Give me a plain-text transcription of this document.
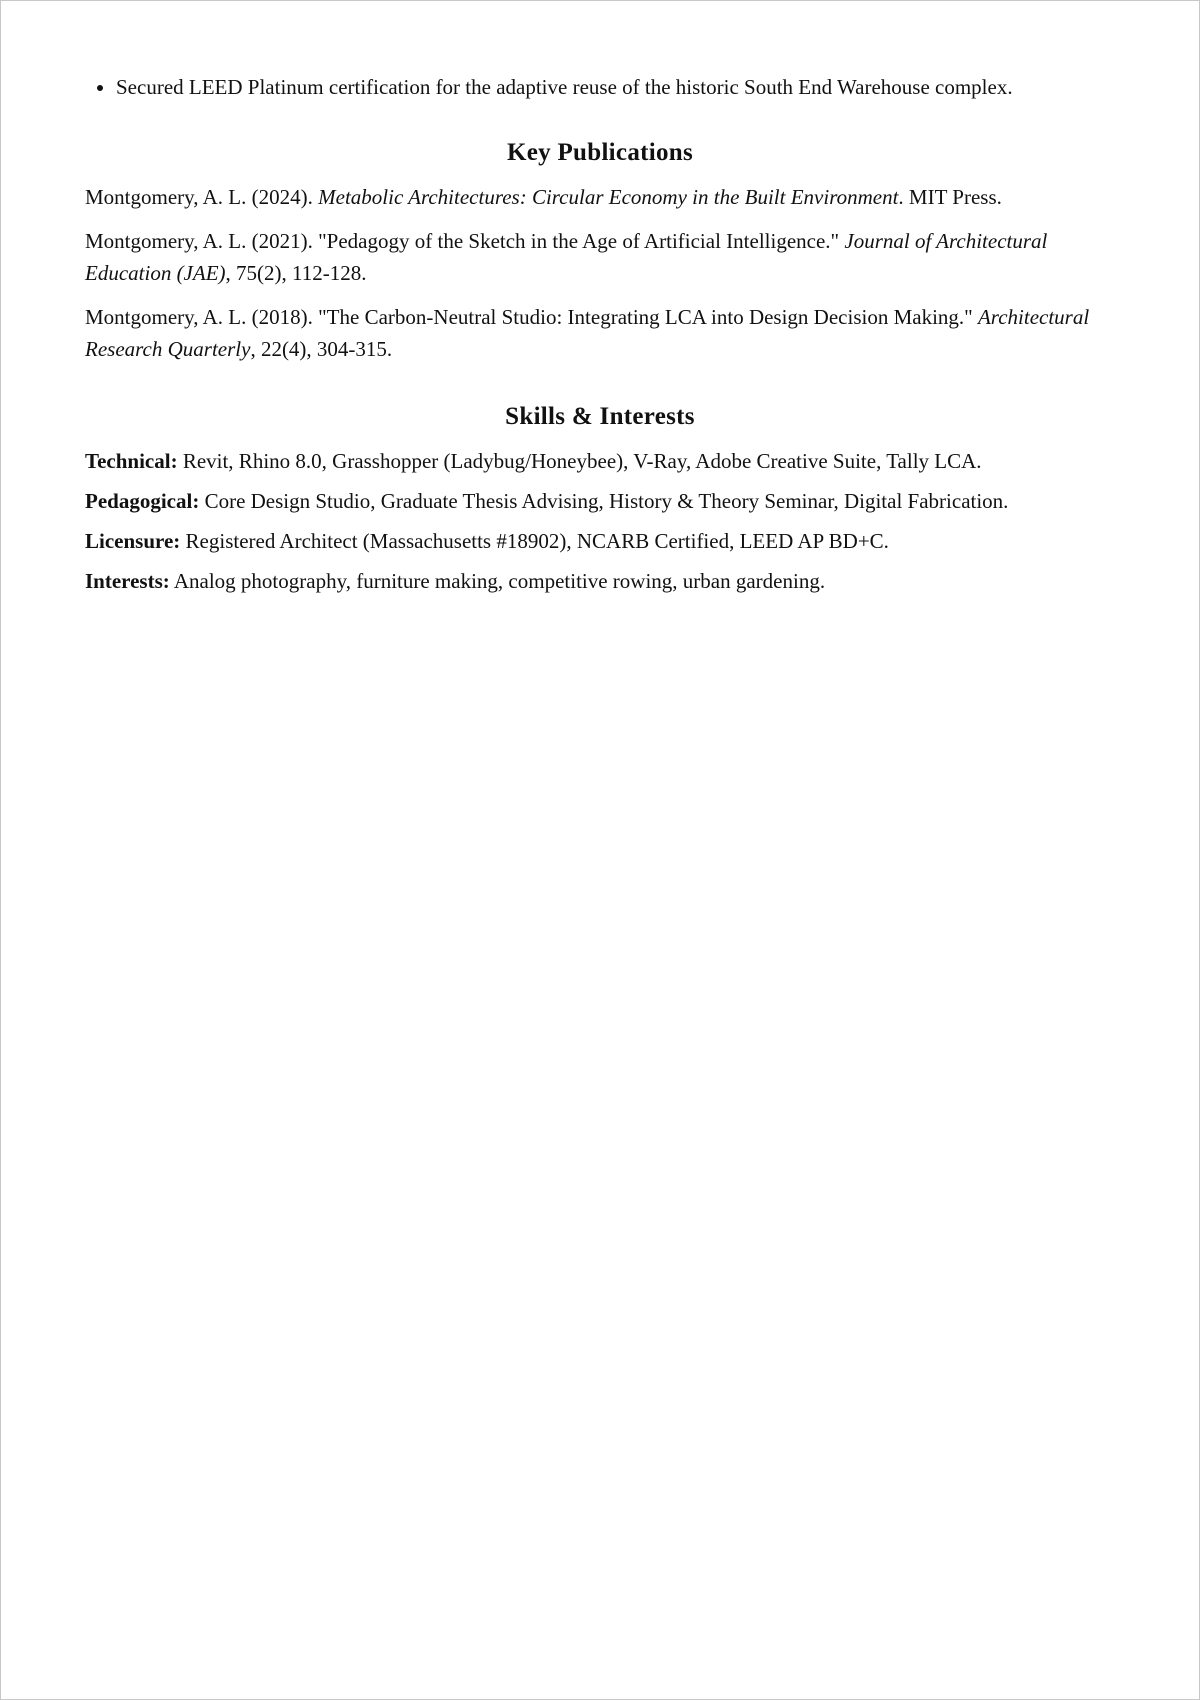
• Secured LEED Platinum certification for the adaptive reuse of the historic South End Warehouse complex.
Key Publications

Montgomery, A. L. (2024). Metabolic Architectures: Circular Economy in the Built Environment. MIT Press.

Montgomery, A. L. (2021). "Pedagogy of the Sketch in the Age of Artificial Intelligence." Journal of Architectural Education (JAE), 75(2), 112-128.

Montgomery, A. L. (2018). "The Carbon-Neutral Studio: Integrating LCA into Design Decision Making." Architectural Research Quarterly, 22(4), 304-315.

Skills & Interests

Technical: Revit, Rhino 8.0, Grasshopper (Ladybug/Honeybee), V-Ray, Adobe Creative Suite, Tally LCA.

Pedagogical: Core Design Studio, Graduate Thesis Advising, History & Theory Seminar, Digital Fabrication.

Licensure: Registered Architect (Massachusetts #18902), NCARB Certified, LEED AP BD+C.

Interests: Analog photography, furniture making, competitive rowing, urban gardening.
